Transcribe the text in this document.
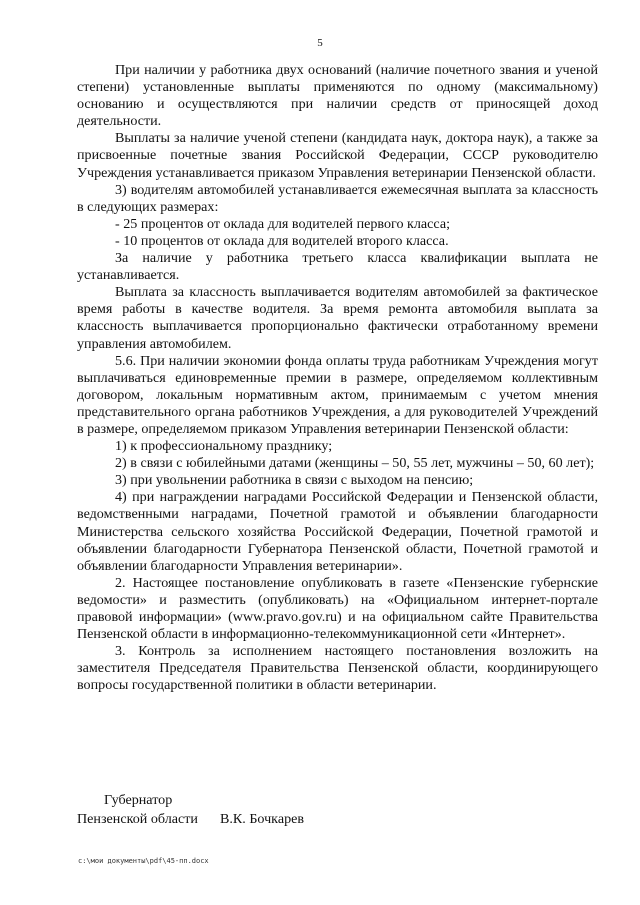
5

При наличии у работника двух оснований (наличие почетного звания и ученой степени) установленные выплаты применяются по одному (максимальному) основанию и осуществляются при наличии средств от приносящей доход деятельности.

Выплаты за наличие ученой степени (кандидата наук, доктора наук), а также за присвоенные почетные звания Российской Федерации, СССР руководителю Учреждения устанавливается приказом Управления ветеринарии Пензенской области.

3) водителям автомобилей устанавливается ежемесячная выплата за классность в следующих размерах:

- 25 процентов от оклада для водителей первого класса;

- 10 процентов от оклада для водителей второго класса.

За наличие у работника третьего класса квалификации выплата не устанавливается.

Выплата за классность выплачивается водителям автомобилей за фактическое время работы в качестве водителя. За время ремонта автомобиля выплата за классность выплачивается пропорционально фактически отработанному времени управления автомобилем.

5.6. При наличии экономии фонда оплаты труда работникам Учреждения могут выплачиваться единовременные премии в размере, определяемом коллективным договором, локальным нормативным актом, принимаемым с учетом мнения представительного органа работников Учреждения, а для руководителей Учреждений в размере, определяемом приказом Управления ветеринарии Пензенской области:

1) к профессиональному празднику;

2) в связи с юбилейными датами (женщины – 50, 55 лет, мужчины – 50, 60 лет);

3) при увольнении работника в связи с выходом на пенсию;

4) при награждении наградами Российской Федерации и Пензенской области, ведомственными наградами, Почетной грамотой и объявлении благодарности Министерства сельского хозяйства Российской Федерации, Почетной грамотой и объявлении благодарности Губернатора Пензенской области, Почетной грамотой и объявлении благодарности Управления ветеринарии».

2. Настоящее постановление опубликовать в газете «Пензенские губернские ведомости» и разместить (опубликовать) на «Официальном интернет-портале правовой информации» (www.pravo.gov.ru) и на официальном сайте Правительства Пензенской области в информационно-телекоммуникационной сети «Интернет».

3. Контроль за исполнением настоящего постановления возложить на заместителя Председателя Правительства Пензенской области, координирующего вопросы государственной политики в области ветеринарии.

Губернатор
Пензенской области В.К. Бочкарев
c:\мои документы\pdf\45-пп.docx
